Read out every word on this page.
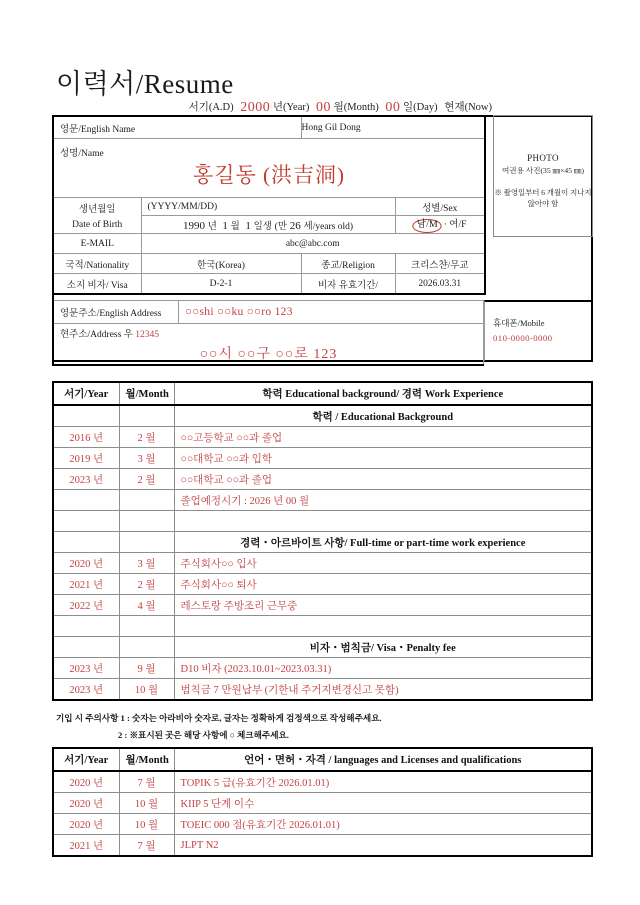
이력서/Resume
서기(A.D) 2000 년(Year) 00 월(Month) 00 일(Day) 현재(Now)
PHOTO
여권용 사진(35 ㎜×45 ㎜)
※ 촬영일부터 6 개월이 지나지 않아야 함
영문/English Name		Hong Gil Dong	

성명/Name
홍길동 (洪吉洞)			

생년월일
Date of Birth	(YYYY/MM/DD)		성별/Sex
	1990 년 1 월 1 일생 (만 26 세/years old)		남/M · 여/F
E-MAIL	abc@abc.com		
국적/Nationality	한국(Korea)	종교/Religion	크리스챤/무교
소지 비자/ Visa	D-2-1	비자 유효기간/	2026.03.31
영문주소/English Address	○○shi ○○ku ○○ro 123
현주소/Address 우 12345
○○시 ○○구 ○○로 123
휴대폰/Mobile
010-0000-0000
서기/Year	월/Month	학력 Educational background/ 경력 Work Experience
		학력 / Educational Background
2016 년	2 월	○○고등학교 ○○과 졸업
2019 년	3 월	○○대학교 ○○과 입학
2023 년	2 월	○○대학교 ○○과 졸업
		졸업예정시기 : 2026 년 00 월

		경력・아르바이트 사항/ Full-time or part-time work experience
2020 년	3 월	주식회사○○ 입사
2021 년	2 월	주식회사○○ 퇴사
2022 년	4 월	레스토랑 주방조리 근무중

		비자・범칙금/ Visa・Penalty fee
2023 년	9 월	D10 비자 (2023.10.01~2023.03.31)
2023 년	10 월	범칙금 7 만원납부 (기한내 주거지변경신고 못함)
기입 시 주의사항 1 : 숫자는 아라비아 숫자로, 글자는 정확하게 검정색으로 작성해주세요.
2 : ※표시된 곳은 해당 사항에 ○ 체크해주세요.
서기/Year	월/Month	언어・면허・자격 / languages and Licenses and qualifications
2020 년	7 월	TOPIK 5 급(유효기간 2026.01.01)
2020 년	10 월	KIIP 5 단계 이수
2020 년	10 월	TOEIC 000 점(유효기간 2026.01.01)
2021 년	7 월	JLPT N2
